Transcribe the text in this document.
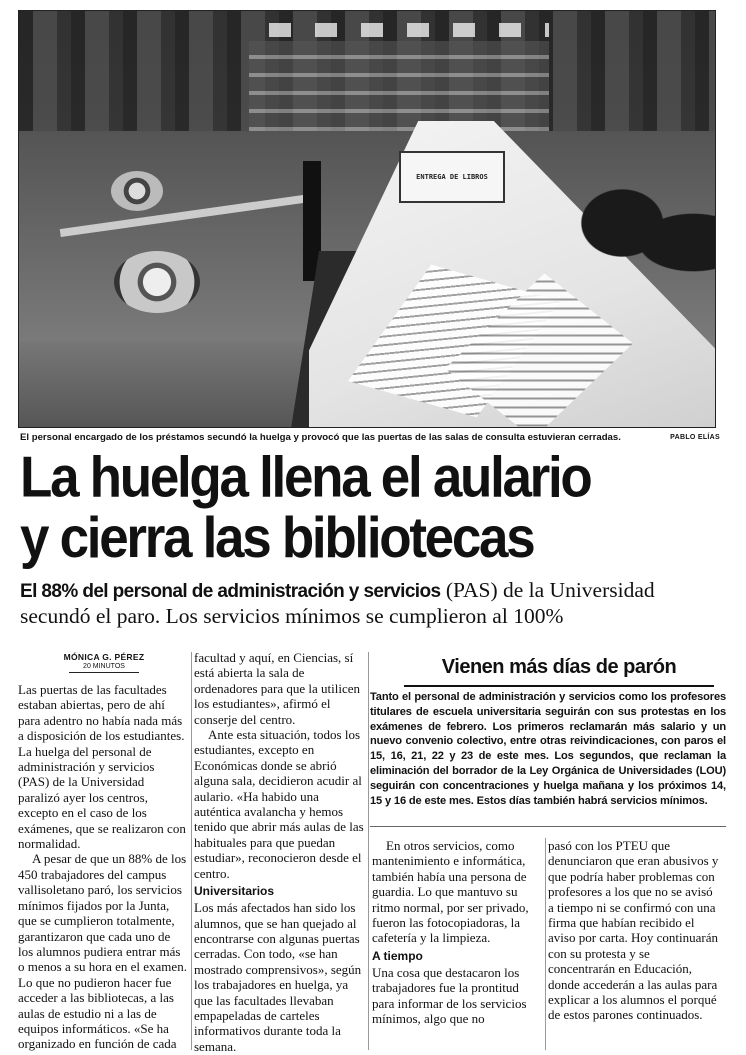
ENTREGA DE LIBROS
El personal encargado de los préstamos secundó la huelga y provocó que las puertas de las salas de consulta estuvieran cerradas.	PABLO ELÍAS
La huelga llena el aulario
y cierra las bibliotecas
El 88% del personal de administración y servicios (PAS) de la Universidad
secundó el paro. Los servicios mínimos se cumplieron al 100%
MÓNICA G. PÉREZ
20 MINUTOS

Las puertas de las facultades estaban abiertas, pero de ahí para adentro no había nada más a disposición de los estudiantes. La huelga del personal de administración y servicios (PAS) de la Universidad paralizó ayer los centros, excepto en el caso de los exámenes, que se realizaron con normalidad.

A pesar de que un 88% de los 450 trabajadores del campus vallisoletano paró, los servicios mínimos fijados por la Junta, que se cumplieron totalmente, garantizaron que cada uno de los alumnos pudiera entrar más o menos a su hora en el examen. Lo que no pudieron hacer fue acceder a las bibliotecas, a las aulas de estudio ni a las de equipos informáticos. «Se ha organizado en función de cada

facultad y aquí, en Ciencias, sí está abierta la sala de ordenadores para que la utilicen los estudiantes», afirmó el conserje del centro.

Ante esta situación, todos los estudiantes, excepto en Económicas donde se abrió alguna sala, decidieron acudir al aulario. «Ha habido una auténtica avalancha y hemos tenido que abrir más aulas de las habituales para que puedan estudiar», reconocieron desde el centro.

Universitarios

Los más afectados han sido los alumnos, que se han quejado al encontrarse con algunas puertas cerradas. Con todo, «se han mostrado comprensivos», según los trabajadores en huelga, ya que las facultades llevaban empapeladas de carteles informativos durante toda la semana.

Vienen más días de parón
Tanto el personal de administración y servicios como los profesores titulares de escuela universitaria seguirán con sus protestas en los exámenes de febrero. Los primeros reclamarán más salario y un nuevo convenio colectivo, entre otras reivindicaciones, con paros el 15, 16, 21, 22 y 23 de este mes. Los segundos, que reclaman la eliminación del borrador de la Ley Orgánica de Universidades (LOU) seguirán con concentraciones y huelga mañana y los próximos 14, 15 y 16 de este mes. Estos días también habrá servicios mínimos.

En otros servicios, como mantenimiento e informática, también había una persona de guardia. Lo que mantuvo su ritmo normal, por ser privado, fueron las fotocopiadoras, la cafetería y la limpieza.

A tiempo

Una cosa que destacaron los trabajadores fue la prontitud para informar de los servicios mínimos, algo que no

pasó con los PTEU que denunciaron que eran abusivos y que podría haber problemas con profesores a los que no se avisó a tiempo ni se confirmó con una firma que habían recibido el aviso por carta. Hoy continuarán con su protesta y se concentrarán en Educación, donde accederán a las aulas para explicar a los alumnos el porqué de estos parones continuados.
